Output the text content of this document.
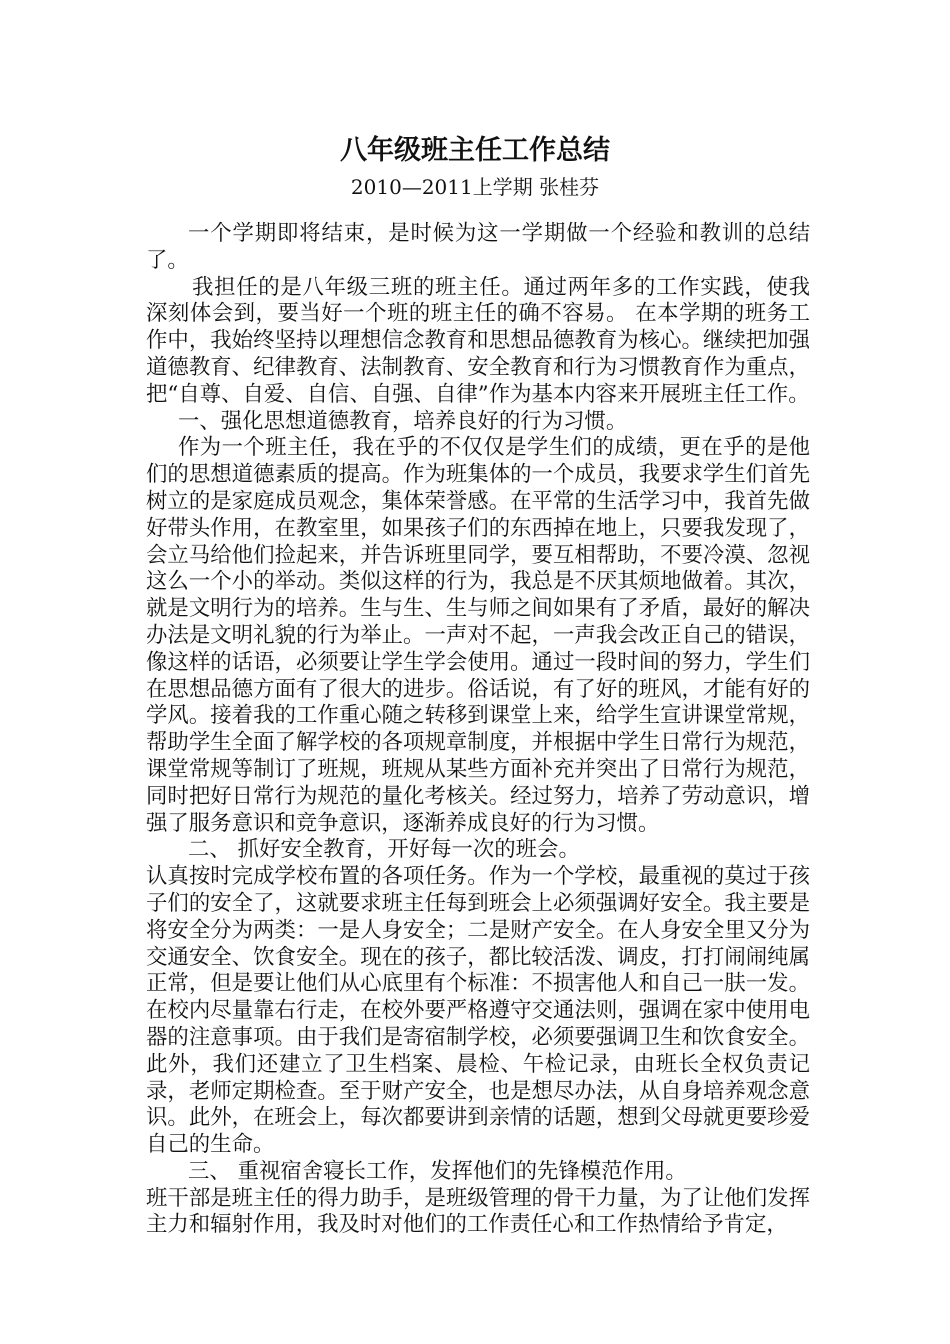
八年级班主任工作总结

2010—2011上学期 张桂芬

一个学期即将结束，是时候为这一学期做一个经验和教训的总结了。

我担任的是八年级三班的班主任。通过两年多的工作实践，使我深刻体会到，要当好一个班的班主任的确不容易。 在本学期的班务工作中，我始终坚持以理想信念教育和思想品德教育为核心。继续把加强道德教育、纪律教育、法制教育、安全教育和行为习惯教育作为重点，把“自尊、自爱、自信、自强、自律”作为基本内容来开展班主任工作。

一、强化思想道德教育，培养良好的行为习惯。

作为一个班主任，我在乎的不仅仅是学生们的成绩，更在乎的是他们的思想道德素质的提高。作为班集体的一个成员，我要求学生们首先树立的是家庭成员观念，集体荣誉感。在平常的生活学习中，我首先做好带头作用，在教室里，如果孩子们的东西掉在地上，只要我发现了，会立马给他们捡起来，并告诉班里同学，要互相帮助，不要冷漠、忽视这么一个小的举动。类似这样的行为，我总是不厌其烦地做着。其次，就是文明行为的培养。生与生、生与师之间如果有了矛盾，最好的解决办法是文明礼貌的行为举止。一声对不起，一声我会改正自己的错误，像这样的话语，必须要让学生学会使用。通过一段时间的努力，学生们在思想品德方面有了很大的进步。俗话说，有了好的班风，才能有好的学风。接着我的工作重心随之转移到课堂上来，给学生宣讲课堂常规，帮助学生全面了解学校的各项规章制度，并根据中学生日常行为规范，课堂常规等制订了班规，班规从某些方面补充并突出了日常行为规范，同时把好日常行为规范的量化考核关。经过努力，培养了劳动意识，增强了服务意识和竞争意识，逐渐养成良好的行为习惯。

二、 抓好安全教育，开好每一次的班会。

认真按时完成学校布置的各项任务。作为一个学校，最重视的莫过于孩子们的安全了，这就要求班主任每到班会上必须强调好安全。我主要是将安全分为两类：一是人身安全；二是财产安全。在人身安全里又分为交通安全、饮食安全。现在的孩子，都比较活泼、调皮，打打闹闹纯属正常，但是要让他们从心底里有个标准：不损害他人和自己一肤一发。在校内尽量靠右行走，在校外要严格遵守交通法则，强调在家中使用电器的注意事项。由于我们是寄宿制学校，必须要强调卫生和饮食安全。此外，我们还建立了卫生档案、晨检、午检记录，由班长全权负责记录，老师定期检查。至于财产安全，也是想尽办法，从自身培养观念意识。此外，在班会上，每次都要讲到亲情的话题，想到父母就更要珍爱自己的生命。

三、 重视宿舍寝长工作，发挥他们的先锋模范作用。

班干部是班主任的得力助手，是班级管理的骨干力量，为了让他们发挥主力和辐射作用，我及时对他们的工作责任心和工作热情给予肯定，
